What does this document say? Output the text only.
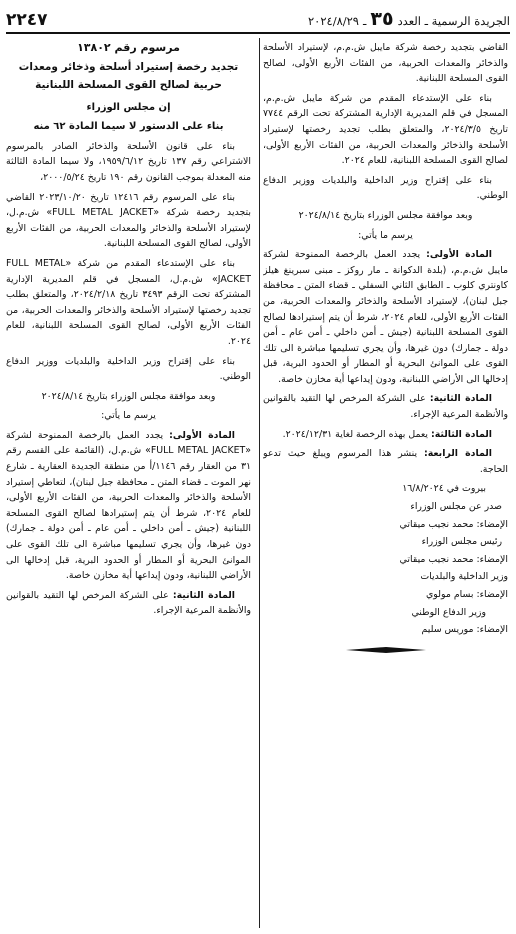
الجريدة الرسمية ـ العدد
٣٥
ـ
٢٠٢٤/٨/٢٩
٢٢٤٧

القاضي بتجديد رخصة شركة مايبل ش.م.م، لإستيراد الأسلحة والذخائر والمعدات الحربية، من الفئات الأربع الأولى، لصالح القوى المسلحة اللبنانية.

بناء على الإستدعاء المقدم من شركة مايبل ش.م.م، المسجل في قلم المديرية الإدارية المشتركة تحت الرقم ٧٧٤٤ تاريخ ٢٠٢٤/٣/٥، والمتعلق بطلب تجديد رخصتها لإستيراد الأسلحة والذخائر والمعدات الحربية، من الفئات الأربع الأولى، لصالح القوى المسلحة اللبنانية، للعام ٢٠٢٤.

بناء على إقتراح وزير الداخلية والبلديات ووزير الدفاع الوطني.

وبعد موافقة مجلس الوزراء بتاريخ ٢٠٢٤/٨/١٤

يرسم ما يأتي:

المادة الأولى: يجدد العمل بالرخصة الممنوحة لشركة مايبل ش.م.م، (بلدة الدكوانة ـ مار روكز ـ مبنى سبرينغ هيلز كاونتري كلوب ـ الطابق الثاني السفلي ـ قضاء المتن ـ محافظة جبل لبنان)، لإستيراد الأسلحة والذخائر والمعدات الحربية، من الفئات الأربع الأولى، للعام ٢٠٢٤، شرط أن يتم إستيرادها لصالح القوى المسلحة اللبنانية (جيش ـ أمن داخلي ـ أمن عام ـ أمن دولة ـ جمارك) دون غيرها، وأن يجري تسليمها مباشرة الى تلك القوى على الموانئ البحرية أو المطار أو الحدود البرية، قبل إدخالها الى الأراضي اللبنانية، ودون إيداعها أية مخازن خاصة.

المادة الثانية: على الشركة المرخص لها التقيد بالقوانين والأنظمة المرعية الإجراء.

المادة الثالثة: يعمل بهذه الرخصة لغاية ٢٠٢٤/١٢/٣١.

المادة الرابعة: ينشر هذا المرسوم ويبلغ حيث تدعو الحاجة.

بيروت في ١٦/٨/٢٠٢٤

صدر عن مجلس الوزراء

الإمضاء: محمد نجيب ميقاتي

رئيس مجلس الوزراء

الإمضاء: محمد نجيب ميقاتي

وزير الداخلية والبلديات

الإمضاء: بسام مولوي

وزير الدفاع الوطني

الإمضاء: موريس سليم

مرسوم رقم ١٣٨٠٢

تجديد رخصة إستيراد أسلحة وذخائر ومعدات حربية لصالح القوى المسلحة اللبنانية

إن مجلس الوزراء

بناء على الدستور لا سيما المادة ٦٢ منه

بناء على قانون الأسلحة والذخائر الصادر بالمرسوم الاشتراعي رقم ١٣٧ تاريخ ١٩٥٩/٦/١٢، ولا سيما المادة الثالثة منه المعدلة بموجب القانون رقم ١٩٠ تاريخ ٢٠٠٠/٥/٢٤،

بناء على المرسوم رقم ١٢٤١٦ تاريخ ٢٠٢٣/١٠/٢٠ القاضي بتجديد رخصة شركة «FULL METAL JACKET» ش.م.ل، لإستيراد الأسلحة والذخائر والمعدات الحربية، من الفئات الأربع الأولى، لصالح القوى المسلحة اللبنانية.

بناء على الإستدعاء المقدم من شركة «FULL METAL JACKET» ش.م.ل، المسجل في قلم المديرية الإدارية المشتركة تحت الرقم ٣٤٩٣ تاريخ ٢٠٢٤/٢/١٨، والمتعلق بطلب تجديد رخصتها لإستيراد الأسلحة والذخائر والمعدات الحربية، من الفئات الأربع الأولى، لصالح القوى المسلحة اللبنانية، للعام ٢٠٢٤.

بناء على إقتراح وزير الداخلية والبلديات ووزير الدفاع الوطني.

وبعد موافقة مجلس الوزراء بتاريخ ٢٠٢٤/٨/١٤

يرسم ما يأتي:

المادة الأولى: يجدد العمل بالرخصة الممنوحة لشركة «FULL METAL JACKET» ش.م.ل، (القائمة على القسم رقم ٣١ من العقار رقم ١١٤٦/أ من منطقة الجديدة العقارية ـ شارع نهر الموت ـ قضاء المتن ـ محافظة جبل لبنان)، لتعاطي إستيراد الأسلحة والذخائر والمعدات الحربية، من الفئات الأربع الأولى، للعام ٢٠٢٤، شرط أن يتم إستيرادها لصالح القوى المسلحة اللبنانية (جيش ـ أمن داخلي ـ أمن عام ـ أمن دولة ـ جمارك) دون غيرها، وأن يجري تسليمها مباشرة الى تلك القوى على الموانئ البحرية أو المطار أو الحدود البرية، قبل إدخالها الى الأراضي اللبنانية، ودون إيداعها أية مخازن خاصة.

المادة الثانية: على الشركة المرخص لها التقيد بالقوانين والأنظمة المرعية الإجراء.
